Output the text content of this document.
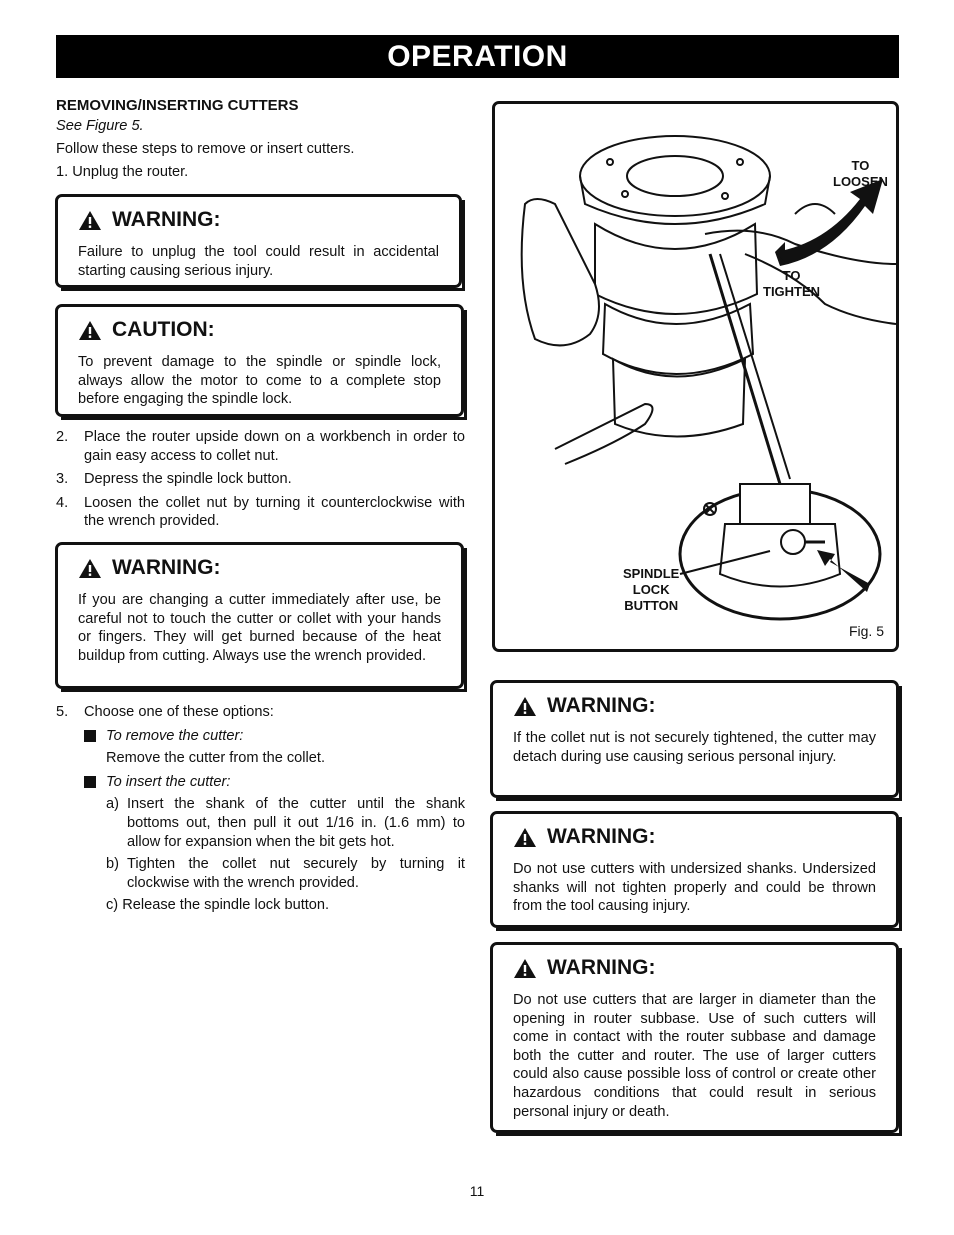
OPERATION

REMOVING/INSERTING CUTTERS

See Figure 5.

Follow these steps to remove or insert cutters.

1. Unplug the router.

WARNING:

Failure to unplug the tool could result in accidental starting causing serious injury.

CAUTION:

To prevent damage to the spindle or spindle lock, always allow the motor to come to a complete stop before engaging the spindle lock.

2.	Place the router upside down on a workbench in order to gain easy access to collet nut.
3.	Depress the spindle lock button.
4.	Loosen the collet nut by turning it counterclockwise with the wrench provided.
WARNING:

If you are changing a cutter immediately after use, be careful not to touch the cutter or collet with your hands or fingers. They will get burned because of the heat buildup from cutting. Always use the wrench provided.

5.	Choose one of these options:
To remove the cutter:

Remove the cutter from the collet.

To insert the cutter:
a) Insert the shank of the cutter until the shank bottoms out, then pull it out 1/16 in. (1.6 mm) to allow for expansion when the bit gets hot.
b) Tighten the collet nut securely by turning it clockwise with the wrench provided.

c) Release the spindle lock button.

TO
LOOSEN
TO
TIGHTEN
SPINDLE
LOCK
BUTTON
Fig. 5
WARNING:

If the collet nut is not securely tightened, the cutter may detach during use causing serious personal injury.

WARNING:

Do not use cutters with undersized shanks. Undersized shanks will not tighten properly and could be thrown from the tool causing injury.

WARNING:

Do not use cutters that are larger in diameter than the opening in router subbase. Use of such cutters will come in contact with the router subbase and damage both the cutter and router. The use of larger cutters could also cause possible loss of control or create other hazardous conditions that could result in serious personal injury or death.

11
